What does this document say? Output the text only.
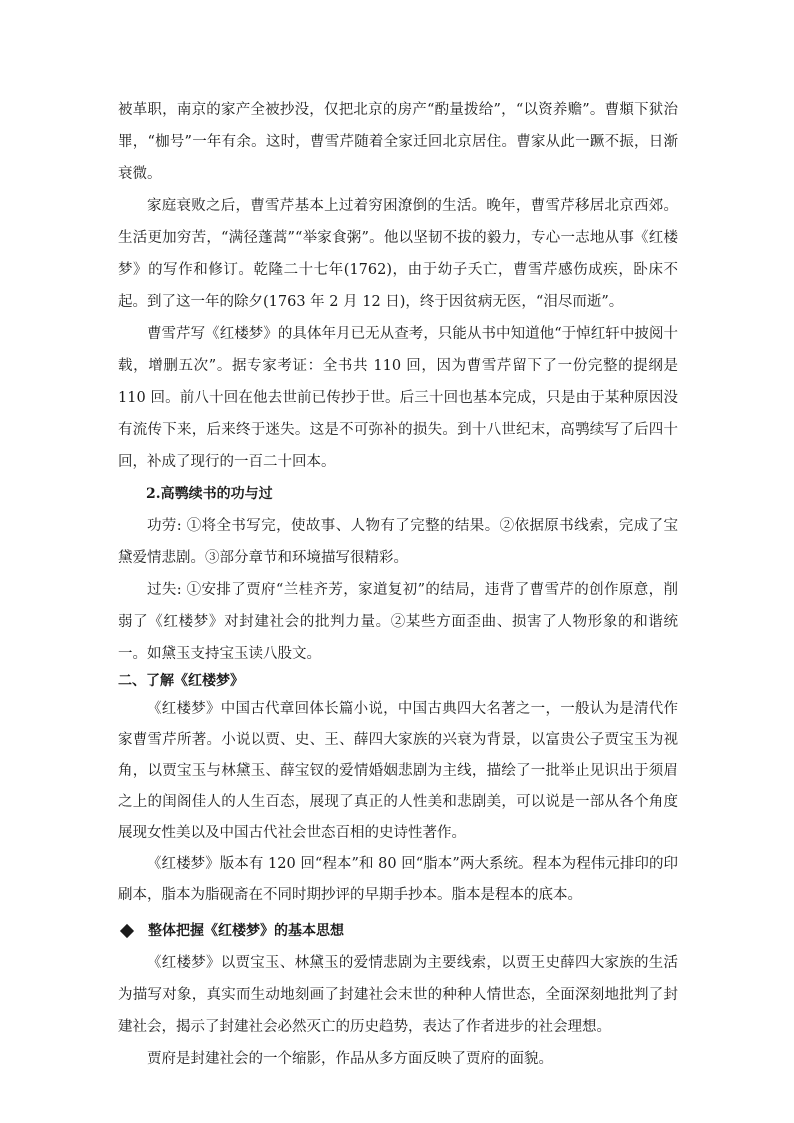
被革职，南京的家产全被抄没，仅把北京的房产“酌量拨给”，“以资养赡”。曹頫下狱治罪，“枷号”一年有余。这时，曹雪芹随着全家迁回北京居住。曹家从此一蹶不振，日渐衰微。

家庭衰败之后，曹雪芹基本上过着穷困潦倒的生活。晚年，曹雪芹移居北京西郊。生活更加穷苦，“满径蓬蒿”“举家食粥”。他以坚韧不拔的毅力，专心一志地从事《红楼梦》的写作和修订。乾隆二十七年(1762)，由于幼子夭亡，曹雪芹感伤成疾，卧床不起。到了这一年的除夕(1763 年 2 月 12 日)，终于因贫病无医，“泪尽而逝”。

曹雪芹写《红楼梦》的具体年月已无从查考，只能从书中知道他“于悼红轩中披阅十载，增删五次”。据专家考证：全书共 110 回，因为曹雪芹留下了一份完整的提纲是 110 回。前八十回在他去世前已传抄于世。后三十回也基本完成，只是由于某种原因没有流传下来，后来终于迷失。这是不可弥补的损失。到十八世纪末，高鹗续写了后四十回，补成了现行的一百二十回本。

2.高鹗续书的功与过

功劳: ①将全书写完，使故事、人物有了完整的结果。②依据原书线索，完成了宝黛爱情悲剧。③部分章节和环境描写很精彩。

过失: ①安排了贾府“兰桂齐芳，家道复初”的结局，违背了曹雪芹的创作原意，削弱了《红楼梦》对封建社会的批判力量。②某些方面歪曲、损害了人物形象的和谐统一。如黛玉支持宝玉读八股文。

二、了解《红楼梦》

《红楼梦》中国古代章回体长篇小说，中国古典四大名著之一，一般认为是清代作家曹雪芹所著。小说以贾、史、王、薛四大家族的兴衰为背景，以富贵公子贾宝玉为视角，以贾宝玉与林黛玉、薛宝钗的爱情婚姻悲剧为主线，描绘了一批举止见识出于须眉之上的闺阁佳人的人生百态，展现了真正的人性美和悲剧美，可以说是一部从各个角度展现女性美以及中国古代社会世态百相的史诗性著作。

《红楼梦》版本有 120 回“程本”和 80 回“脂本”两大系统。程本为程伟元排印的印刷本，脂本为脂砚斋在不同时期抄评的早期手抄本。脂本是程本的底本。

整体把握《红楼梦》的基本思想

《红楼梦》以贾宝玉、林黛玉的爱情悲剧为主要线索，以贾王史薛四大家族的生活为描写对象，真实而生动地刻画了封建社会末世的种种人情世态，全面深刻地批判了封建社会，揭示了封建社会必然灭亡的历史趋势，表达了作者进步的社会理想。

贾府是封建社会的一个缩影，作品从多方面反映了贾府的面貌。
